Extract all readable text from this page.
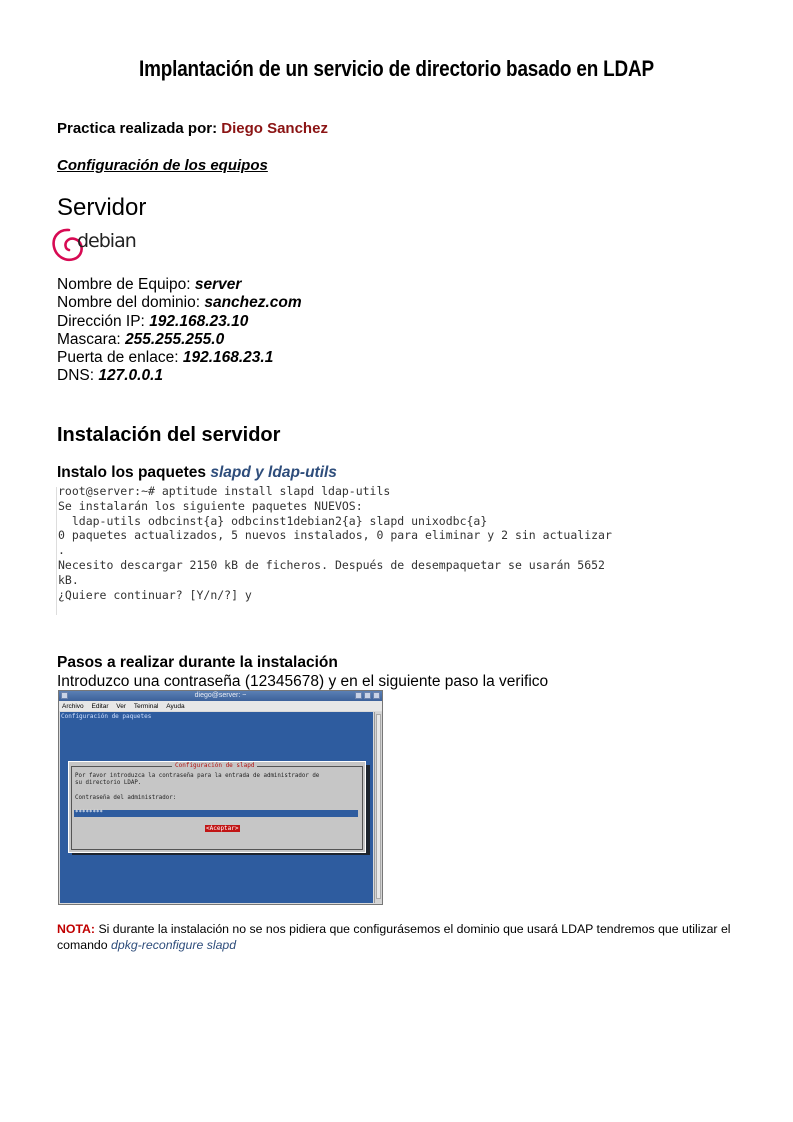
Implantación de un servicio de directorio basado en LDAP
Practica realizada por: Diego Sanchez
Configuración de los equipos
Servidor
debian
Nombre de Equipo: server
Nombre del dominio: sanchez.com
Dirección IP: 192.168.23.10
Mascara: 255.255.255.0
Puerta de enlace: 192.168.23.1
DNS: 127.0.0.1
Instalación del servidor
Instalo los paquetes slapd y ldap-utils
root@server:~# aptitude install slapd ldap-utils
Se instalarán los siguiente paquetes NUEVOS:
ldap-utils odbcinst{a} odbcinst1debian2{a} slapd unixodbc{a}
0 paquetes actualizados, 5 nuevos instalados, 0 para eliminar y 2 sin actualizar
.
Necesito descargar 2150 kB de ficheros. Después de desempaquetar se usarán 5652
kB.
¿Quiere continuar? [Y/n/?] y
Pasos a realizar durante la instalación
Introduzco una contraseña (12345678) y en el siguiente paso la verifico
diego@server: ~
Archivo Editar Ver Terminal Ayuda
Configuración de paquetes
Configuración de slapd
Por favor introduzca la contraseña para la entrada de administrador de
su directorio LDAP.
Contraseña del administrador:
********
<Aceptar>
NOTA: Si durante la instalación no se nos pidiera que configurásemos el dominio que usará LDAP tendremos que utilizar el comando dpkg-reconfigure slapd
